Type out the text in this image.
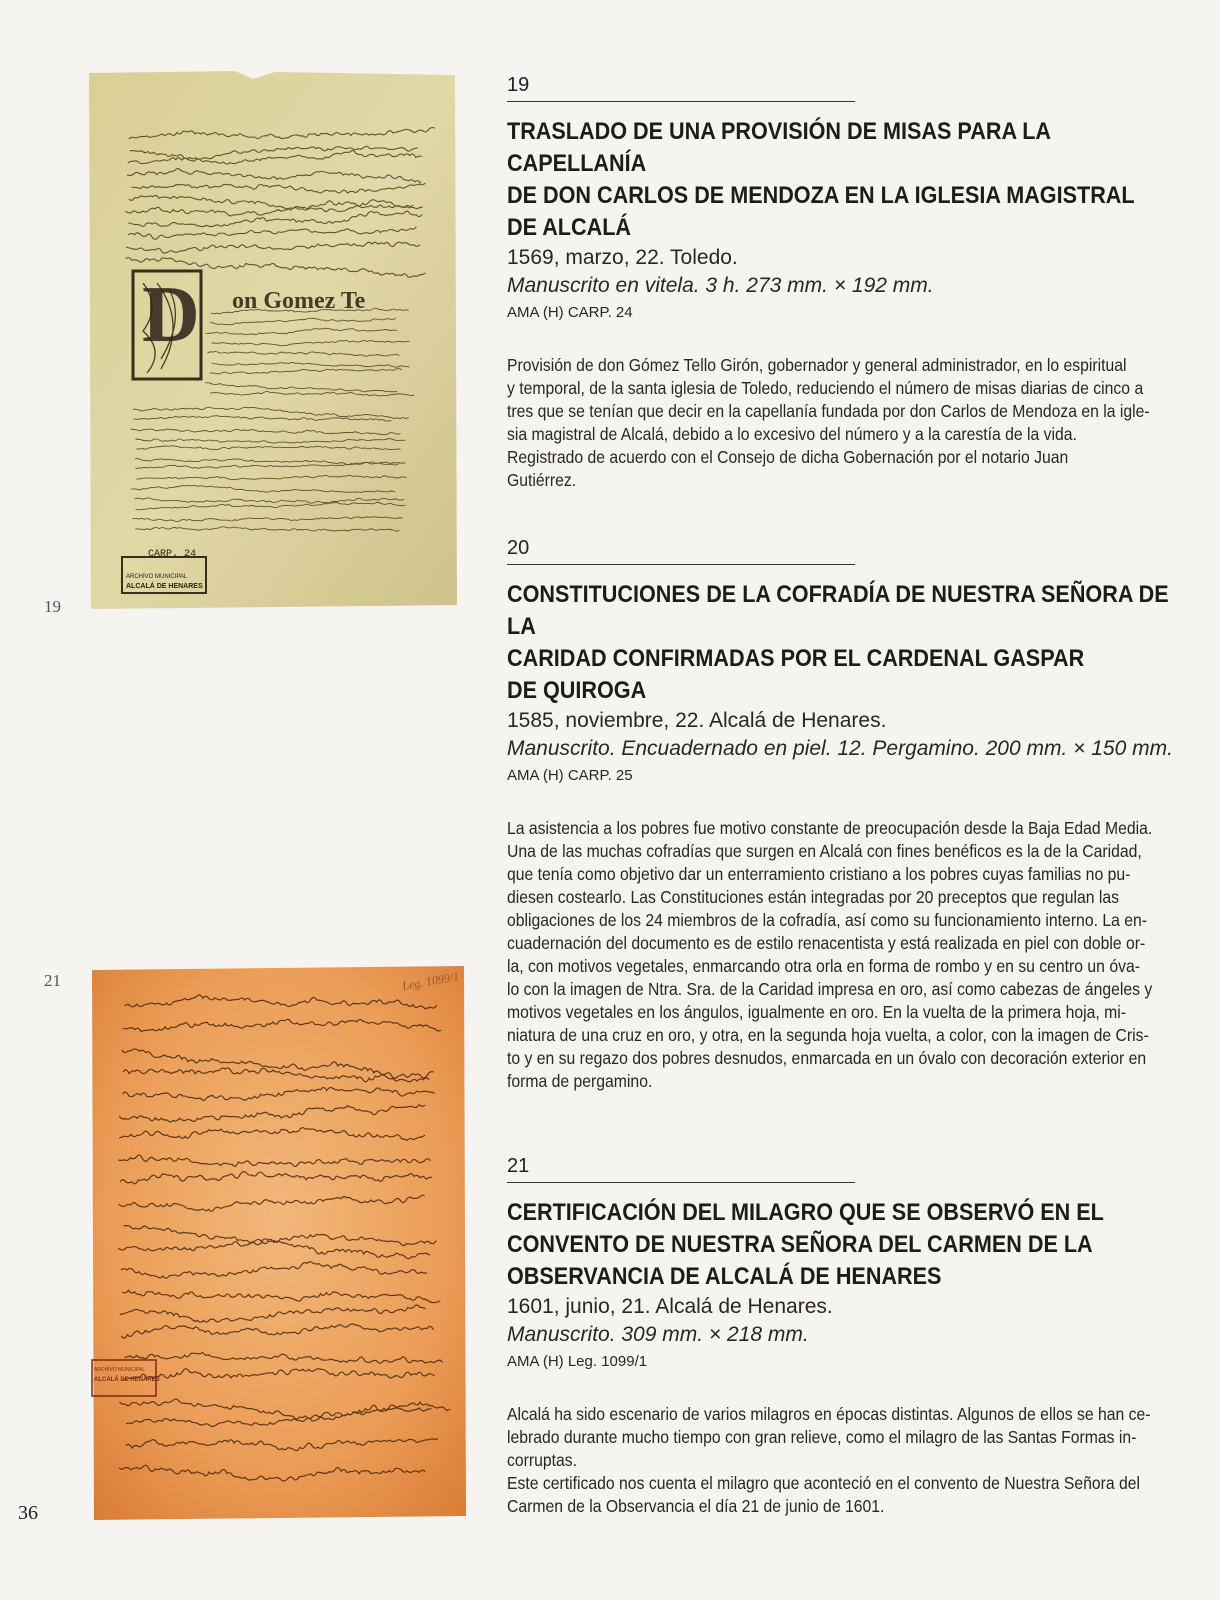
19
21
36
D on Gomez Te
CARP. 24
ARCHIVO MUNICIPAL
ALCALÁ DE HENARES
Leg. 1099/1
ARCHIVO MUNICIPAL
ALCALÁ DE HENARES
19
TRASLADO DE UNA PROVISIÓN DE MISAS PARA LA CAPELLANÍA
DE DON CARLOS DE MENDOZA EN LA IGLESIA MAGISTRAL
DE ALCALÁ
1569, marzo, 22. Toledo.
Manuscrito en vitela. 3 h. 273 mm. × 192 mm.
AMA (H) CARP. 24
Provisión de don Gómez Tello Girón, gobernador y general administrador, en lo espiritual
y temporal, de la santa iglesia de Toledo, reduciendo el número de misas diarias de cinco a
tres que se tenían que decir en la capellanía fundada por don Carlos de Mendoza en la igle-
sia magistral de Alcalá, debido a lo excesivo del número y a la carestía de la vida.
Registrado de acuerdo con el Consejo de dicha Gobernación por el notario Juan
Gutiérrez.
20
CONSTITUCIONES DE LA COFRADÍA DE NUESTRA SEÑORA DE LA
CARIDAD CONFIRMADAS POR EL CARDENAL GASPAR
DE QUIROGA
1585, noviembre, 22. Alcalá de Henares.
Manuscrito. Encuadernado en piel. 12. Pergamino. 200 mm. × 150 mm.
AMA (H) CARP. 25
La asistencia a los pobres fue motivo constante de preocupación desde la Baja Edad Media.
Una de las muchas cofradías que surgen en Alcalá con fines benéficos es la de la Caridad,
que tenía como objetivo dar un enterramiento cristiano a los pobres cuyas familias no pu-
diesen costearlo. Las Constituciones están integradas por 20 preceptos que regulan las
obligaciones de los 24 miembros de la cofradía, así como su funcionamiento interno. La en-
cuadernación del documento es de estilo renacentista y está realizada en piel con doble or-
la, con motivos vegetales, enmarcando otra orla en forma de rombo y en su centro un óva-
lo con la imagen de Ntra. Sra. de la Caridad impresa en oro, así como cabezas de ángeles y
motivos vegetales en los ángulos, igualmente en oro. En la vuelta de la primera hoja, mi-
niatura de una cruz en oro, y otra, en la segunda hoja vuelta, a color, con la imagen de Cris-
to y en su regazo dos pobres desnudos, enmarcada en un óvalo con decoración exterior en
forma de pergamino.
21
CERTIFICACIÓN DEL MILAGRO QUE SE OBSERVÓ EN EL
CONVENTO DE NUESTRA SEÑORA DEL CARMEN DE LA
OBSERVANCIA DE ALCALÁ DE HENARES
1601, junio, 21. Alcalá de Henares.
Manuscrito. 309 mm. × 218 mm.
AMA (H) Leg. 1099/1
Alcalá ha sido escenario de varios milagros en épocas distintas. Algunos de ellos se han ce-
lebrado durante mucho tiempo con gran relieve, como el milagro de las Santas Formas in-
corruptas.
Este certificado nos cuenta el milagro que aconteció en el convento de Nuestra Señora del
Carmen de la Observancia el día 21 de junio de 1601.
